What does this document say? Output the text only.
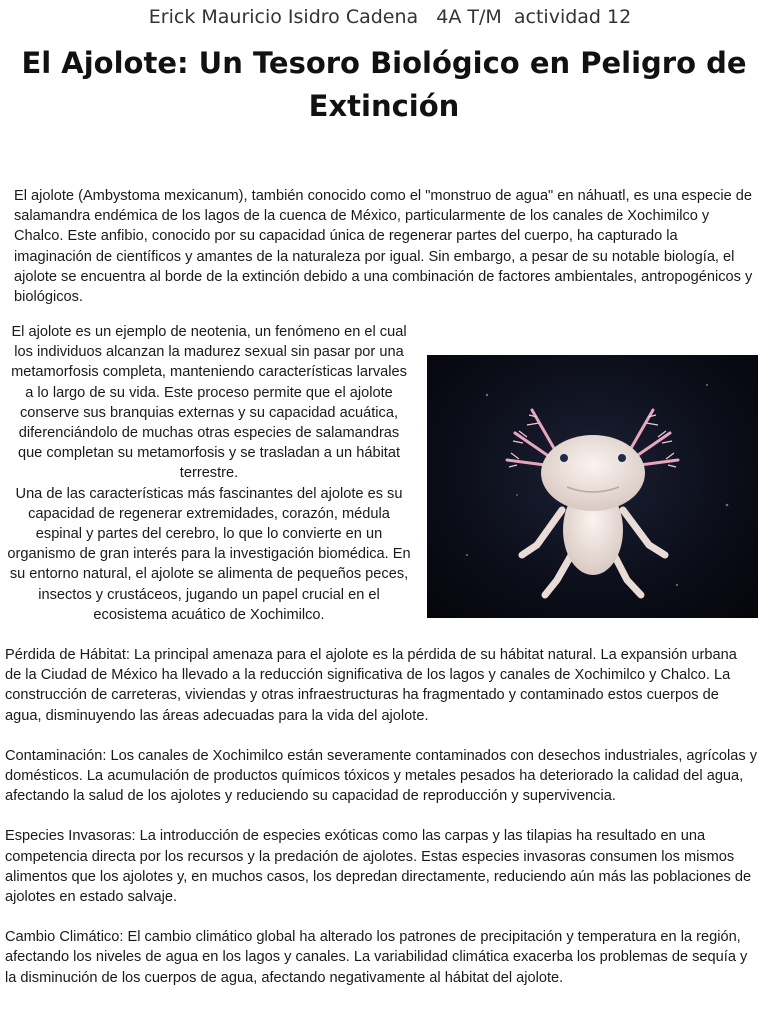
Erick Mauricio Isidro Cadena   4A T/M  actividad 12
El Ajolote: Un Tesoro Biológico en Peligro de Extinción

El ajolote (Ambystoma mexicanum), también conocido como el "monstruo de agua" en náhuatl, es una especie de salamandra endémica de los lagos de la cuenca de México, particularmente de los canales de Xochimilco y Chalco. Este anfibio, conocido por su capacidad única de regenerar partes del cuerpo, ha capturado la imaginación de científicos y amantes de la naturaleza por igual. Sin embargo, a pesar de su notable biología, el ajolote se encuentra al borde de la extinción debido a una combinación de factores ambientales, antropogénicos y biológicos.

El ajolote es un ejemplo de neotenia, un fenómeno en el cual los individuos alcanzan la madurez sexual sin pasar por una metamorfosis completa, manteniendo características larvales a lo largo de su vida. Este proceso permite que el ajolote conserve sus branquias externas y su capacidad acuática, diferenciándolo de muchas otras especies de salamandras que completan su metamorfosis y se trasladan a un hábitat terrestre.
Una de las características más fascinantes del ajolote es su capacidad de regenerar extremidades, corazón, médula espinal y partes del cerebro, lo que lo convierte en un organismo de gran interés para la investigación biomédica. En su entorno natural, el ajolote se alimenta de pequeños peces, insectos y crustáceos, jugando un papel crucial en el ecosistema acuático de Xochimilco.

Pérdida de Hábitat: La principal amenaza para el ajolote es la pérdida de su hábitat natural. La expansión urbana de la Ciudad de México ha llevado a la reducción significativa de los lagos y canales de Xochimilco y Chalco. La construcción de carreteras, viviendas y otras infraestructuras ha fragmentado y contaminado estos cuerpos de agua, disminuyendo las áreas adecuadas para la vida del ajolote.

Contaminación: Los canales de Xochimilco están severamente contaminados con desechos industriales, agrícolas y domésticos. La acumulación de productos químicos tóxicos y metales pesados ha deteriorado la calidad del agua, afectando la salud de los ajolotes y reduciendo su capacidad de reproducción y supervivencia.

Especies Invasoras: La introducción de especies exóticas como las carpas y las tilapias ha resultado en una competencia directa por los recursos y la predación de ajolotes. Estas especies invasoras consumen los mismos alimentos que los ajolotes y, en muchos casos, los depredan directamente, reduciendo aún más las poblaciones de ajolotes en estado salvaje.

Cambio Climático: El cambio climático global ha alterado los patrones de precipitación y temperatura en la región, afectando los niveles de agua en los lagos y canales. La variabilidad climática exacerba los problemas de sequía y la disminución de los cuerpos de agua, afectando negativamente al hábitat del ajolote.
